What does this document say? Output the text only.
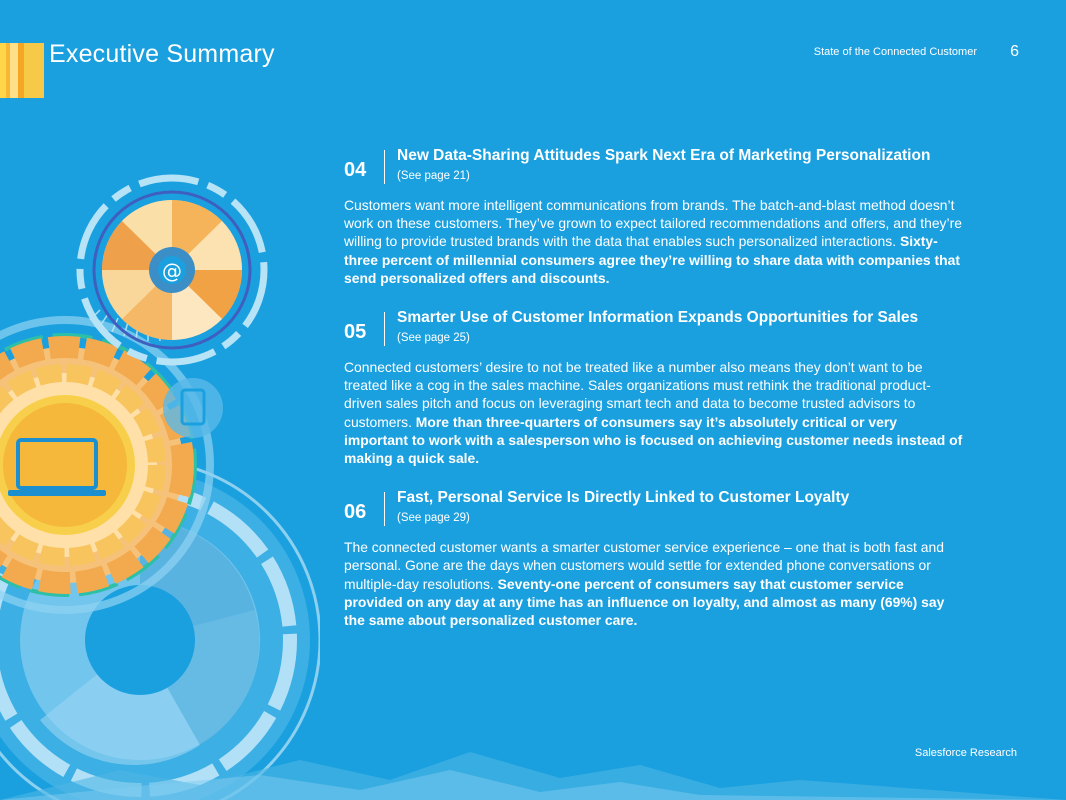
Executive Summary	State of the Connected Customer 6
@
04
New Data-Sharing Attitudes Spark Next Era of Marketing Personalization
(See page 21)
Customers want more intelligent communications from brands. The batch-and-blast method doesn’t work on these customers. They’ve grown to expect tailored recommendations and offers, and they’re willing to provide trusted brands with the data that enables such personalized interactions. Sixty-three percent of millennial consumers agree they’re willing to share data with companies that send personalized offers and discounts.
05
Smarter Use of Customer Information Expands Opportunities for Sales
(See page 25)
Connected customers’ desire to not be treated like a number also means they don’t want to be treated like a cog in the sales machine. Sales organizations must rethink the traditional product-driven sales pitch and focus on leveraging smart tech and data to become trusted advisors to customers. More than three-quarters of consumers say it’s absolutely critical or very important to work with a salesperson who is focused on achieving customer needs instead of making a quick sale.
06
Fast, Personal Service Is Directly Linked to Customer Loyalty
(See page 29)
The connected customer wants a smarter customer service experience – one that is both fast and personal. Gone are the days when customers would settle for extended phone conversations or multiple-day resolutions. Seventy-one percent of consumers say that customer service provided on any day at any time has an influence on loyalty, and almost as many (69%) say the same about personalized customer care.
Salesforce Research
